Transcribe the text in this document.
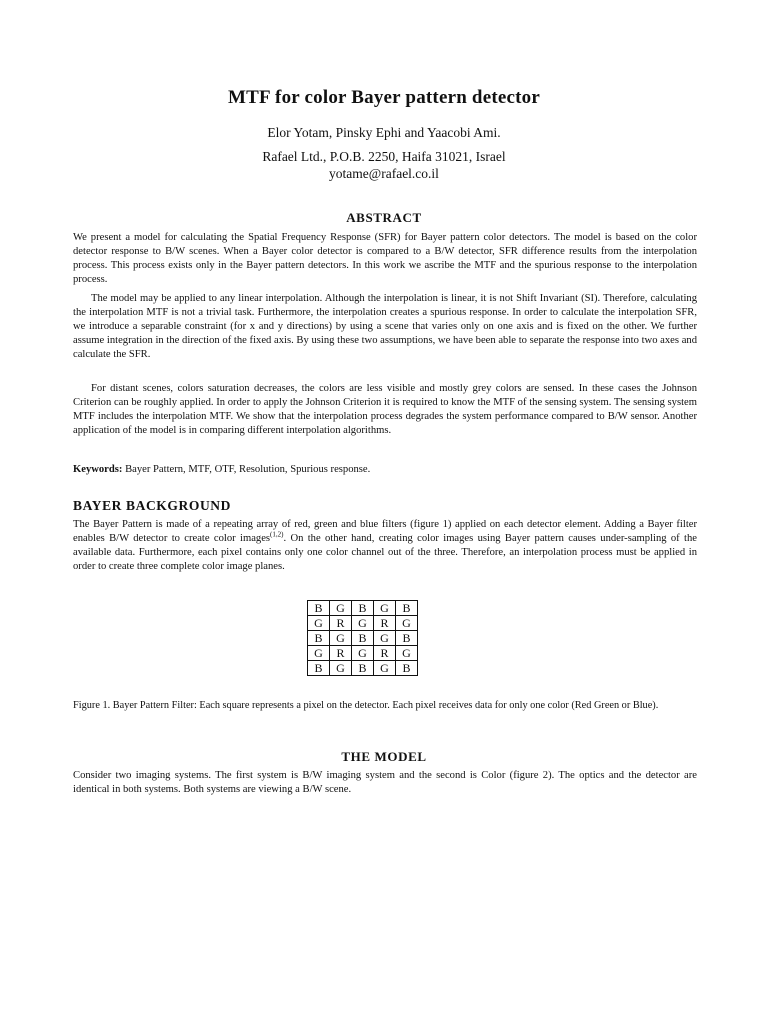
MTF for color Bayer pattern detector
Elor Yotam, Pinsky Ephi and Yaacobi Ami.
Rafael Ltd., P.O.B. 2250, Haifa 31021, Israel
yotame@rafael.co.il
ABSTRACT

We present a model for calculating the Spatial Frequency Response (SFR) for Bayer pattern color detectors. The model is based on the color detector response to B/W scenes. When a Bayer color detector is compared to a B/W detector, SFR difference results from the interpolation process. This process exists only in the Bayer pattern detectors. In this work we ascribe the MTF and the spurious response to the interpolation process.

The model may be applied to any linear interpolation. Although the interpolation is linear, it is not Shift Invariant (SI). Therefore, calculating the interpolation MTF is not a trivial task. Furthermore, the interpolation creates a spurious response. In order to calculate the interpolation SFR, we introduce a separable constraint (for x and y directions) by using a scene that varies only on one axis and is fixed on the other. We further assume integration in the direction of the fixed axis. By using these two assumptions, we have been able to separate the response into two axes and calculate the SFR.

For distant scenes, colors saturation decreases, the colors are less visible and mostly grey colors are sensed. In these cases the Johnson Criterion can be roughly applied. In order to apply the Johnson Criterion it is required to know the MTF of the sensing system. The sensing system MTF includes the interpolation MTF. We show that the interpolation process degrades the system performance compared to B/W sensor. Another application of the model is in comparing different interpolation algorithms.

Keywords: Bayer Pattern, MTF, OTF, Resolution, Spurious response.

BAYER BACKGROUND

The Bayer Pattern is made of a repeating array of red, green and blue filters (figure 1) applied on each detector element. Adding a Bayer filter enables B/W detector to create color images$^{(1,2)}$. On the other hand, creating color images using Bayer pattern causes under-sampling of the available data. Furthermore, each pixel contains only one color channel out of the three. Therefore, an interpolation process must be applied in order to create three complete color image planes.

B	G	B	G	B
G	R	G	R	G
B	G	B	G	B
G	R	G	R	G
B	G	B	G	B

Figure 1. Bayer Pattern Filter: Each square represents a pixel on the detector. Each pixel receives data for only one color (Red Green or Blue).

THE MODEL

Consider two imaging systems. The first system is B/W imaging system and the second is Color (figure 2). The optics and the detector are identical in both systems. Both systems are viewing a B/W scene.
